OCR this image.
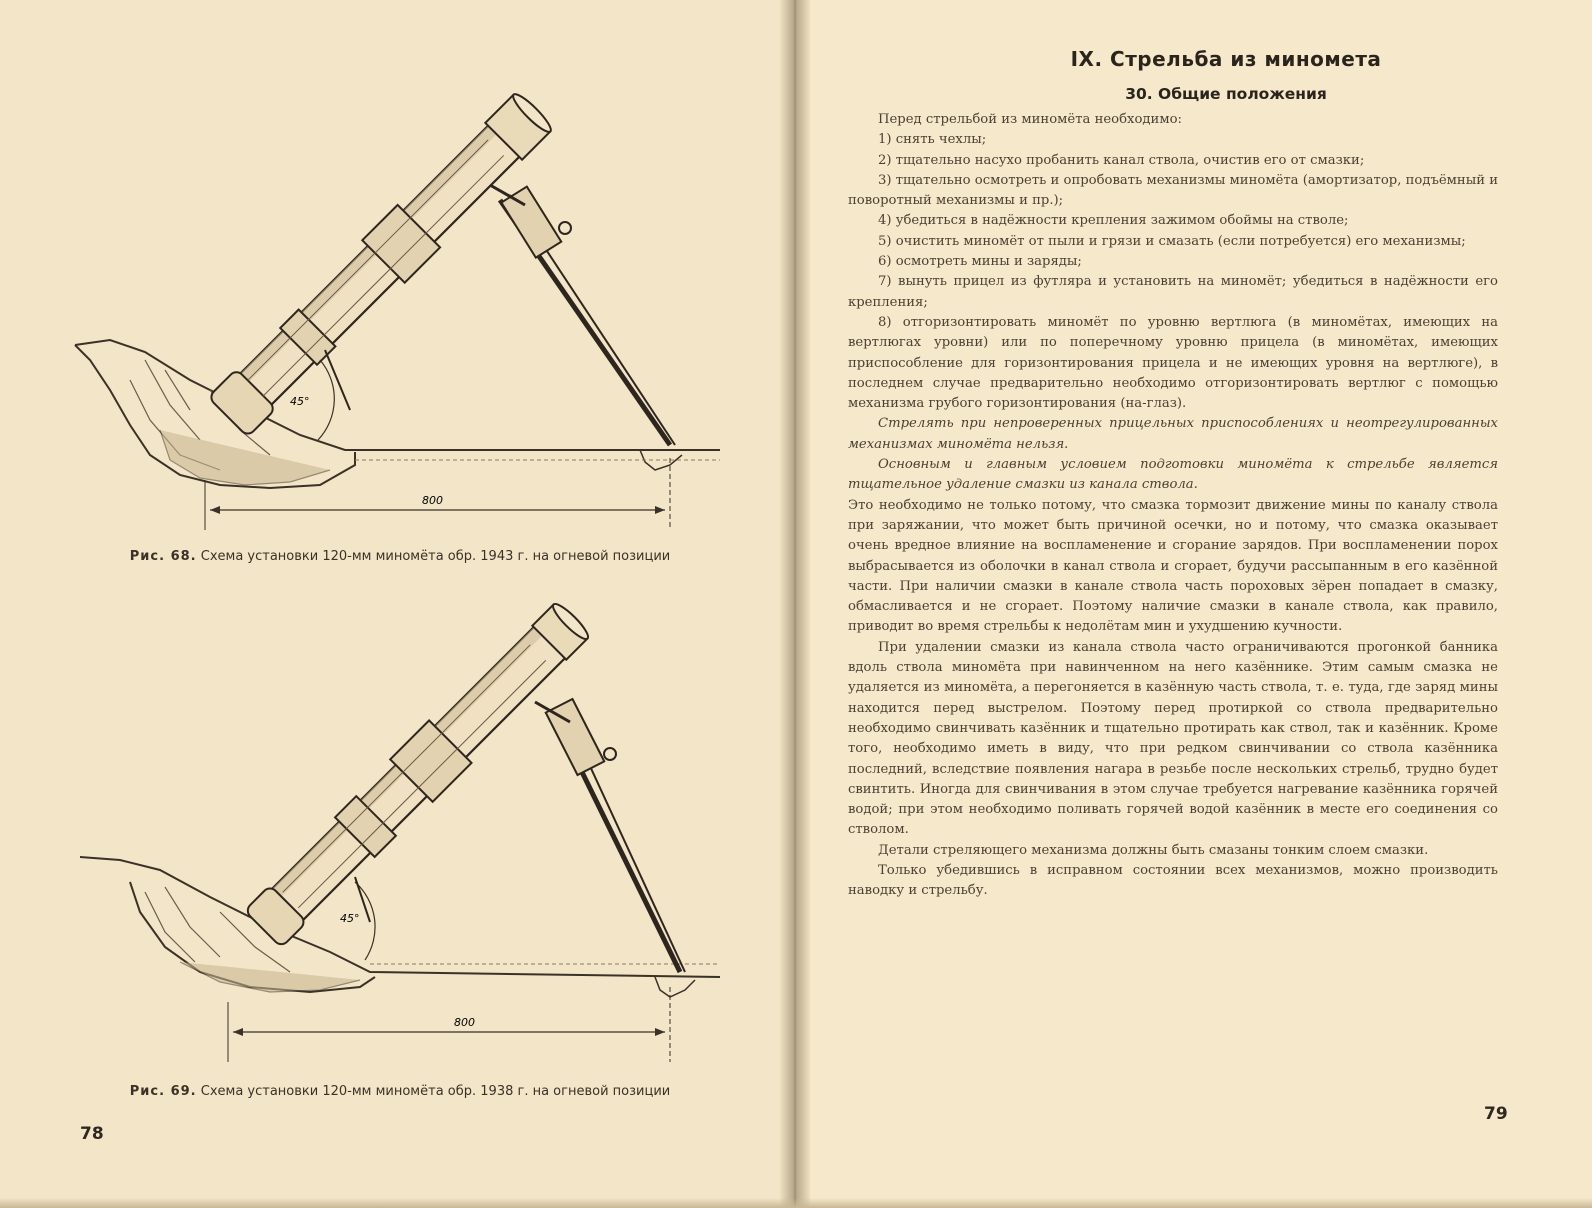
45°
800
Рис. 68. Схема установки 120-мм миномёта обр. 1943 г. на огневой позиции
45°
800
Рис. 69. Схема установки 120-мм миномёта обр. 1938 г. на огневой позиции
78
IX. Стрельба из миномета
30. Общие положения

Перед стрельбой из миномёта необходимо:

1) снять чехлы;

2) тщательно насухо пробанить канал ствола, очистив его от смазки;

3) тщательно осмотреть и опробовать механизмы миномёта (амортизатор, подъёмный и поворотный механизмы и пр.);

4) убедиться в надёжности крепления зажимом обоймы на стволе;

5) очистить миномёт от пыли и грязи и смазать (если потребуется) его механизмы;

6) осмотреть мины и заряды;

7) вынуть прицел из футляра и установить на миномёт; убедиться в надёжности его крепления;

8) отгоризонтировать миномёт по уровню вертлюга (в миномётах, имеющих на вертлюгах уровни) или по поперечному уровню прицела (в миномётах, имеющих приспособление для горизонтирования прицела и не имеющих уровня на вертлюге), в последнем случае предварительно необходимо отгоризонтировать вертлюг с помощью механизма грубого горизонтирования (на-глаз).

Стрелять при непроверенных прицельных приспособлениях и неотрегулированных механизмах миномёта нельзя.

Основным и главным условием подготовки миномёта к стрельбе является тщательное удаление смазки из канала ствола.

Это необходимо не только потому, что смазка тормозит движение мины по каналу ствола при заряжании, что может быть причиной осечки, но и потому, что смазка оказывает очень вредное влияние на воспламенение и сгорание зарядов. При воспламенении порох выбрасывается из оболочки в канал ствола и сгорает, будучи рассыпанным в его казённой части. При наличии смазки в канале ствола часть пороховых зёрен попадает в смазку, обмасливается и не сгорает. Поэтому наличие смазки в канале ствола, как правило, приводит во время стрельбы к недолётам мин и ухудшению кучности.

При удалении смазки из канала ствола часто ограничиваются прогонкой банника вдоль ствола миномёта при навинченном на него казённике. Этим самым смазка не удаляется из миномёта, а перегоняется в казённую часть ствола, т. е. туда, где заряд мины находится перед выстрелом. Поэтому перед протиркой со ствола предварительно необходимо свинчивать казённик и тщательно протирать как ствол, так и казённик. Кроме того, необходимо иметь в виду, что при редком свинчивании со ствола казённика последний, вследствие появления нагара в резьбе после нескольких стрельб, трудно будет свинтить. Иногда для свинчивания в этом случае требуется нагревание казённика горячей водой; при этом необходимо поливать горячей водой казённик в месте его соединения со стволом.

Детали стреляющего механизма должны быть смазаны тонким слоем смазки.

Только убедившись в исправном состоянии всех механизмов, можно производить наводку и стрельбу.

79
